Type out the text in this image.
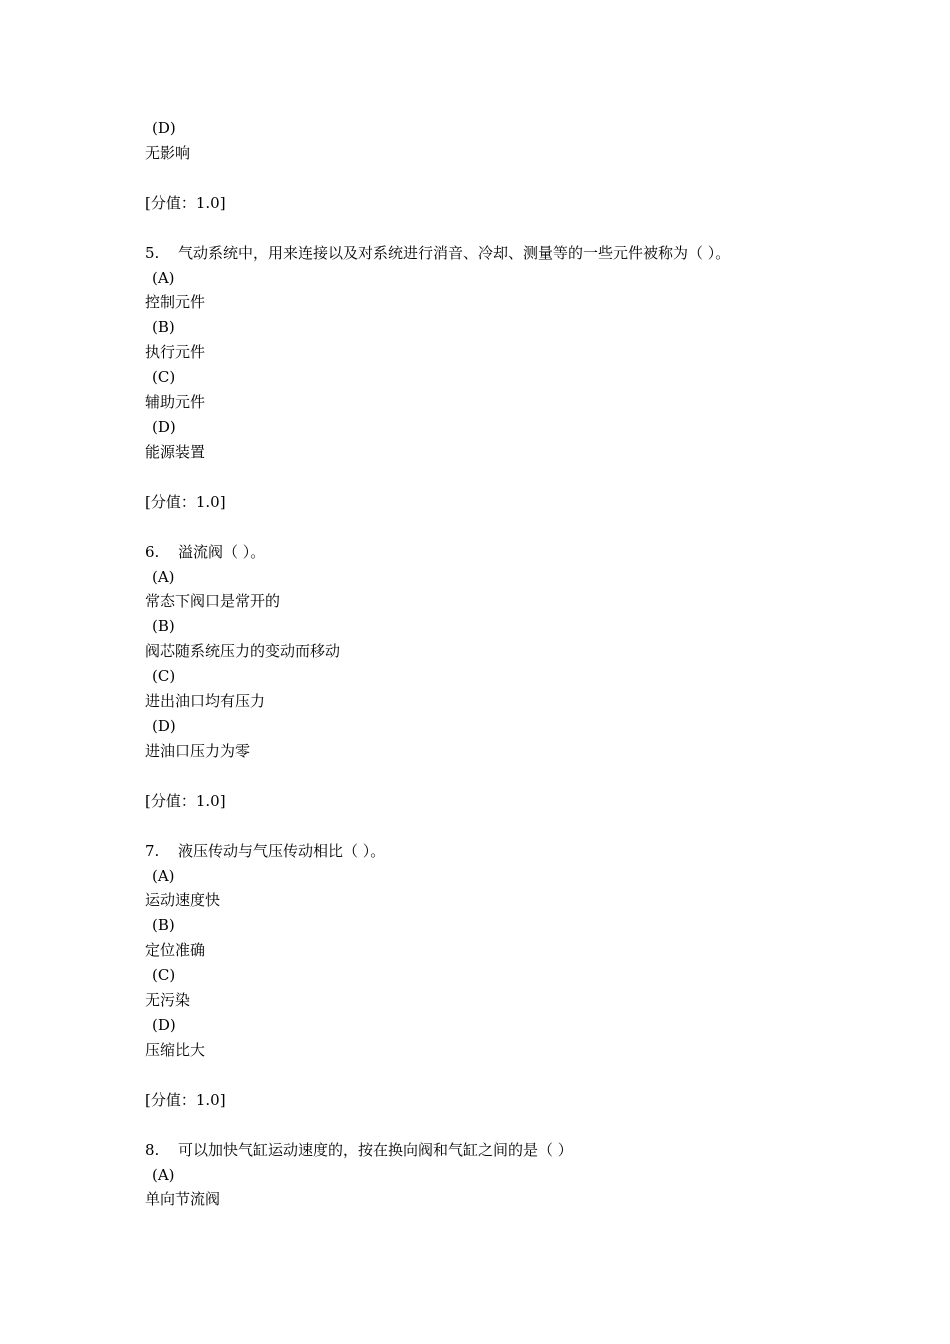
(D)
无影响
[分值：1.0]
5. 气动系统中，用来连接以及对系统进行消音、冷却、测量等的一些元件被称为（ ）。
(A)
控制元件
(B)
执行元件
(C)
辅助元件
(D)
能源装置
[分值：1.0]
6. 溢流阀（ ）。
(A)
常态下阀口是常开的
(B)
阀芯随系统压力的变动而移动
(C)
进出油口均有压力
(D)
进油口压力为零
[分值：1.0]
7. 液压传动与气压传动相比（ ）。
(A)
运动速度快
(B)
定位准确
(C)
无污染
(D)
压缩比大
[分值：1.0]
8. 可以加快气缸运动速度的，按在换向阀和气缸之间的是（ ）
(A)
单向节流阀
